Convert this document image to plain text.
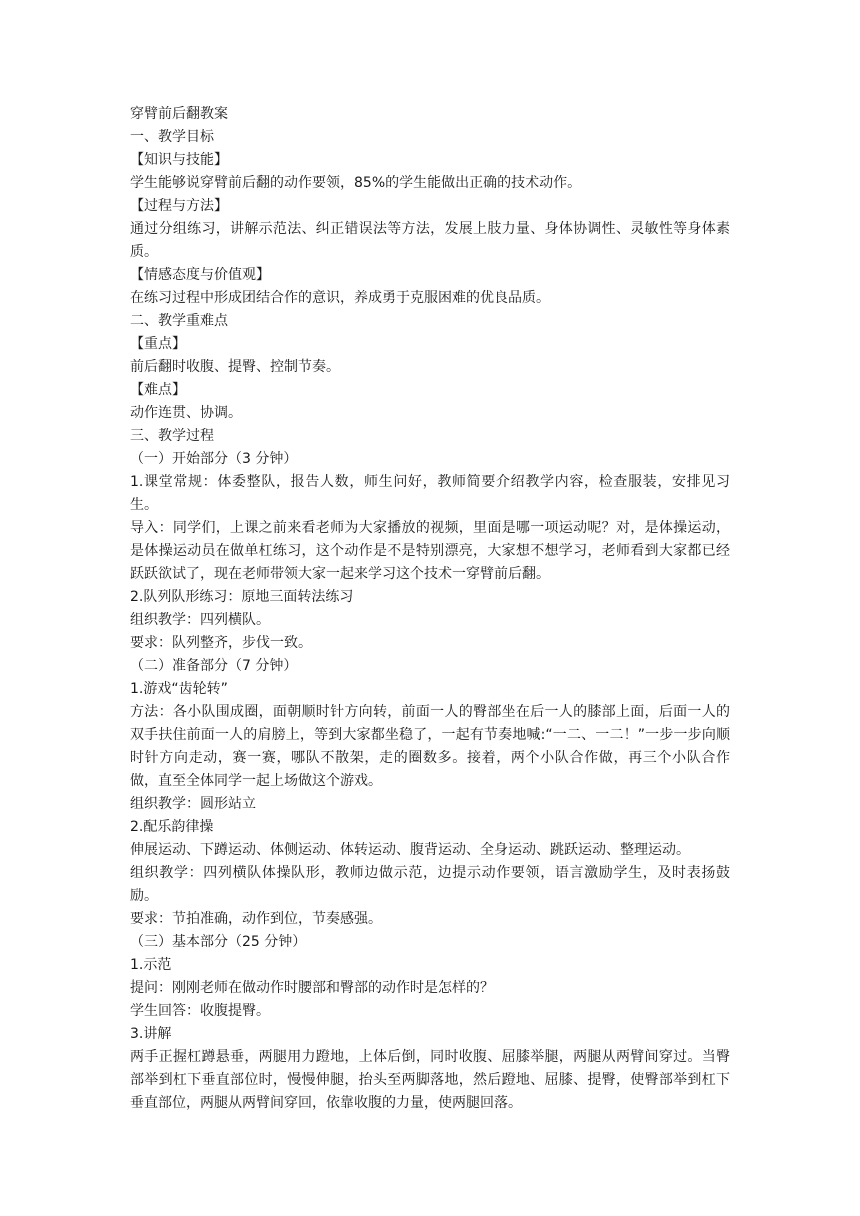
穿臂前后翻教案

一、教学目标

【知识与技能】

学生能够说穿臂前后翻的动作要领，85%的学生能做出正确的技术动作。

【过程与方法】

通过分组练习，讲解示范法、纠正错误法等方法，发展上肢力量、身体协调性、灵敏性等身体素质。

【情感态度与价值观】

在练习过程中形成团结合作的意识，养成勇于克服困难的优良品质。

二、教学重难点

【重点】

前后翻时收腹、提臀、控制节奏。

【难点】

动作连贯、协调。

三、教学过程

（一）开始部分（3 分钟）

1.课堂常规：体委整队，报告人数，师生问好，教师简要介绍教学内容，检查服装，安排见习生。

导入：同学们，上课之前来看老师为大家播放的视频，里面是哪一项运动呢？对，是体操运动，是体操运动员在做单杠练习，这个动作是不是特别漂亮，大家想不想学习，老师看到大家都已经跃跃欲试了，现在老师带领大家一起来学习这个技术一穿臂前后翻。

2.队列队形练习：原地三面转法练习

组织教学：四列横队。

要求：队列整齐，步伐一致。

（二）准备部分（7 分钟）

1.游戏“齿轮转”

方法：各小队围成圈，面朝顺时针方向转，前面一人的臀部坐在后一人的膝部上面，后面一人的双手扶住前面一人的肩膀上，等到大家都坐稳了，一起有节奏地喊:“一二、一二！”一步一步向顺时针方向走动，赛一赛，哪队不散架，走的圈数多。接着，两个小队合作做，再三个小队合作做，直至全体同学一起上场做这个游戏。

组织教学：圆形站立

2.配乐韵律操

伸展运动、下蹲运动、体侧运动、体转运动、腹背运动、全身运动、跳跃运动、整理运动。

组织教学：四列横队体操队形，教师边做示范，边提示动作要领，语言激励学生，及时表扬鼓励。

要求：节拍准确，动作到位，节奏感强。

（三）基本部分（25 分钟）

1.示范

提问：刚刚老师在做动作时腰部和臀部的动作时是怎样的？

学生回答：收腹提臀。

3.讲解

两手正握杠蹲悬垂，两腿用力蹬地，上体后倒，同时收腹、屈膝举腿，两腿从两臂间穿过。当臀部举到杠下垂直部位时，慢慢伸腿，抬头至两脚落地，然后蹬地、屈膝、提臀，使臀部举到杠下垂直部位，两腿从两臂间穿回，依靠收腹的力量，使两腿回落。
